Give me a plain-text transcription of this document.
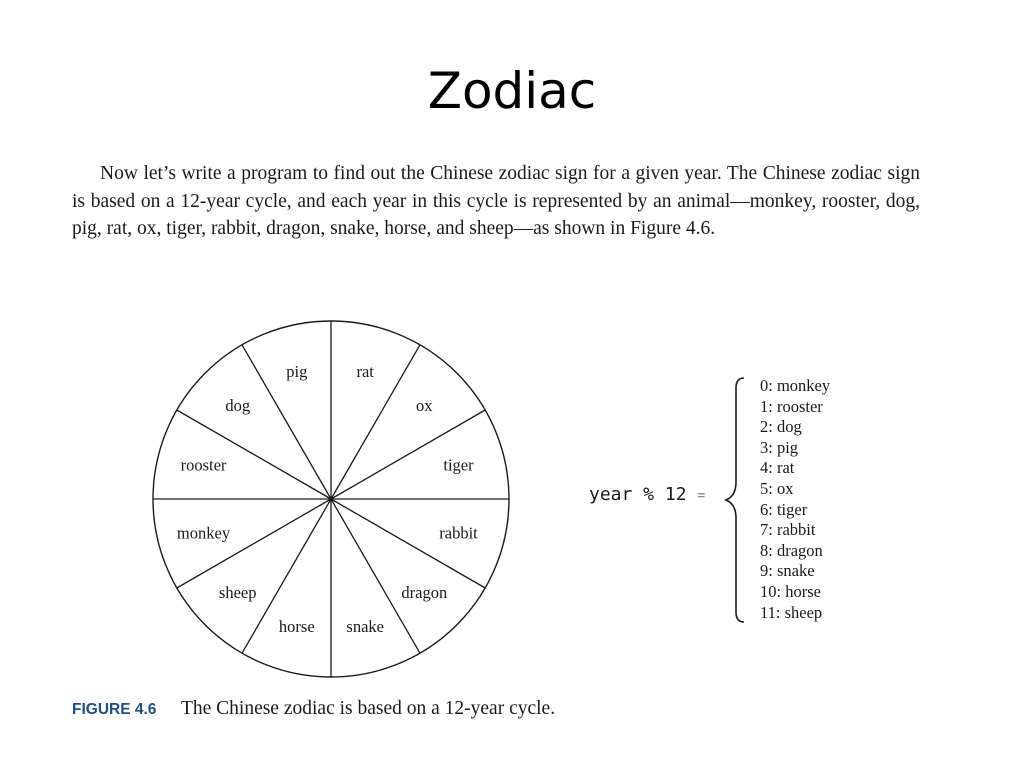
Zodiac

Now let’s write a program to find out the Chinese zodiac sign for a given year. The Chinese zodiac sign is based on a 12-year cycle, and each year in this cycle is represented by an animal—monkey, rooster, dog, pig, rat, ox, tiger, rabbit, dragon, snake, horse, and sheep—as shown in Figure 4.6.

rat
ox
tiger
rabbit
dragon
snake
horse
sheep
monkey
rooster
dog
pig
year % 12 =
0: monkey
1: rooster
2: dog
3: pig
4: rat
5: ox
6: tiger
7: rabbit
8: dragon
9: snake
10: horse
11: sheep
FIGURE 4.6 The Chinese zodiac is based on a 12-year cycle.
